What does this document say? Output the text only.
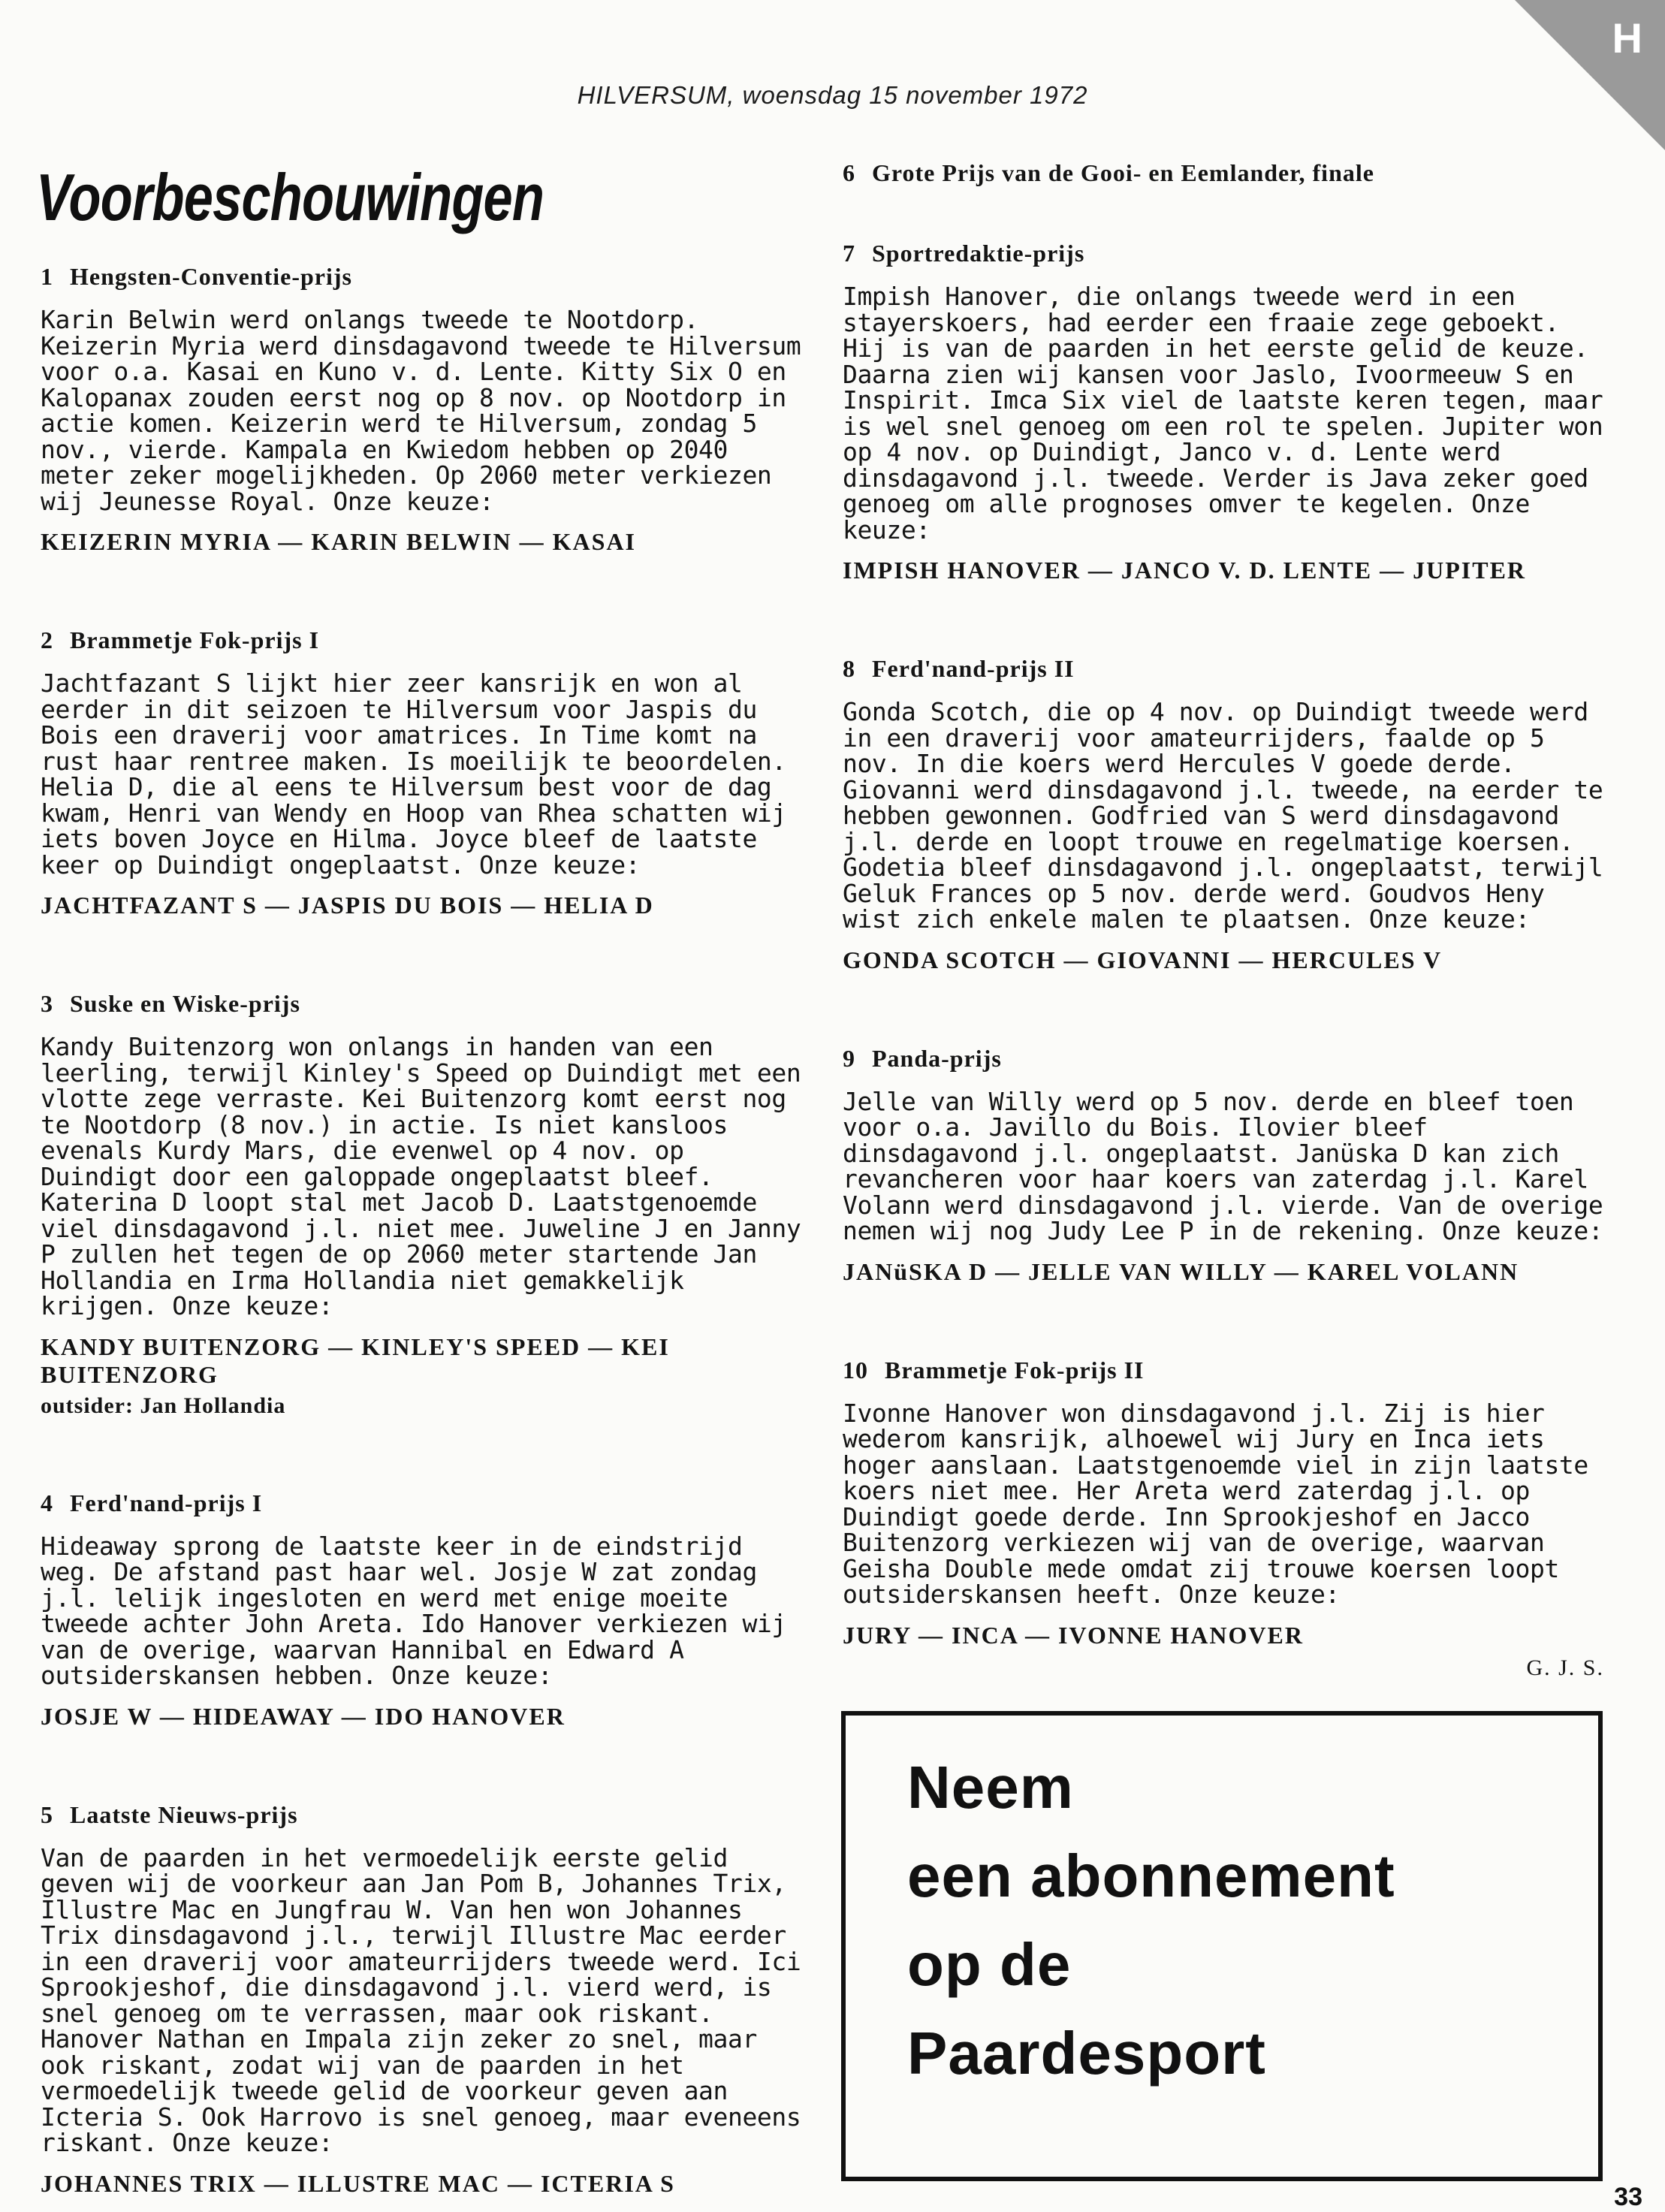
H
HILVERSUM, woensdag 15 november 1972
Voorbeschouwingen

1 Hengsten-Conventie-prijs

Karin Belwin werd onlangs tweede te Nootdorp. Keizerin Myria werd dinsdagavond tweede te Hilversum voor o.a. Kasai en Kuno v. d. Lente. Kitty Six O en Kalopanax zouden eerst nog op 8 nov. op Nootdorp in actie komen. Keizerin werd te Hilversum, zondag 5 nov., vierde. Kampala en Kwiedom hebben op 2040 meter zeker mogelijkheden. Op 2060 meter verkiezen wij Jeunesse Royal. Onze keuze:

KEIZERIN MYRIA — KARIN BELWIN — KASAI

2 Brammetje Fok-prijs I

Jachtfazant S lijkt hier zeer kansrijk en won al eerder in dit seizoen te Hilversum voor Jaspis du Bois een draverij voor amatrices. In Time komt na rust haar rentree maken. Is moeilijk te beoordelen. Helia D, die al eens te Hilversum best voor de dag kwam, Henri van Wendy en Hoop van Rhea schatten wij iets boven Joyce en Hilma. Joyce bleef de laatste keer op Duindigt ongeplaatst. Onze keuze:

JACHTFAZANT S — JASPIS DU BOIS — HELIA D

3 Suske en Wiske-prijs

Kandy Buitenzorg won onlangs in handen van een leerling, terwijl Kinley's Speed op Duindigt met een vlotte zege verraste. Kei Buitenzorg komt eerst nog te Nootdorp (8 nov.) in actie. Is niet kansloos evenals Kurdy Mars, die evenwel op 4 nov. op Duindigt door een galoppade ongeplaatst bleef. Katerina D loopt stal met Jacob D. Laatstgenoemde viel dinsdagavond j.l. niet mee. Juweline J en Janny P zullen het tegen de op 2060 meter startende Jan Hollandia en Irma Hollandia niet gemakkelijk krijgen. Onze keuze:

KANDY BUITENZORG — KINLEY'S SPEED — KEI BUITENZORG

outsider: Jan Hollandia

4 Ferd'nand-prijs I

Hideaway sprong de laatste keer in de eindstrijd weg. De afstand past haar wel. Josje W zat zondag j.l. lelijk ingesloten en werd met enige moeite tweede achter John Areta. Ido Hanover verkiezen wij van de overige, waarvan Hannibal en Edward A outsiderskansen hebben. Onze keuze:

JOSJE W — HIDEAWAY — IDO HANOVER

5 Laatste Nieuws-prijs

Van de paarden in het vermoedelijk eerste gelid geven wij de voorkeur aan Jan Pom B, Johannes Trix, Illustre Mac en Jungfrau W. Van hen won Johannes Trix dinsdagavond j.l., terwijl Illustre Mac eerder in een draverij voor amateurrijders tweede werd. Ici Sprookjeshof, die dinsdagavond j.l. vierd werd, is snel genoeg om te verrassen, maar ook riskant. Hanover Nathan en Impala zijn zeker zo snel, maar ook riskant, zodat wij van de paarden in het vermoedelijk tweede gelid de voorkeur geven aan Icteria S. Ook Harrovo is snel genoeg, maar eveneens riskant. Onze keuze:

JOHANNES TRIX — ILLUSTRE MAC — ICTERIA S

6 Grote Prijs van de Gooi- en Eemlander, finale

7 Sportredaktie-prijs

Impish Hanover, die onlangs tweede werd in een stayerskoers, had eerder een fraaie zege geboekt. Hij is van de paarden in het eerste gelid de keuze. Daarna zien wij kansen voor Jaslo, Ivoormeeuw S en Inspirit. Imca Six viel de laatste keren tegen, maar is wel snel genoeg om een rol te spelen. Jupiter won op 4 nov. op Duindigt, Janco v. d. Lente werd dinsdagavond j.l. tweede. Verder is Java zeker goed genoeg om alle prognoses omver te kegelen. Onze keuze:

IMPISH HANOVER — JANCO V. D. LENTE — JUPITER

8 Ferd'nand-prijs II

Gonda Scotch, die op 4 nov. op Duindigt tweede werd in een draverij voor amateurrijders, faalde op 5 nov. In die koers werd Hercules V goede derde. Giovanni werd dinsdagavond j.l. tweede, na eerder te hebben gewonnen. Godfried van S werd dinsdagavond j.l. derde en loopt trouwe en regelmatige koersen. Godetia bleef dinsdagavond j.l. ongeplaatst, terwijl Geluk Frances op 5 nov. derde werd. Goudvos Heny wist zich enkele malen te plaatsen. Onze keuze:

GONDA SCOTCH — GIOVANNI — HERCULES V

9 Panda-prijs

Jelle van Willy werd op 5 nov. derde en bleef toen voor o.a. Javillo du Bois. Ilovier bleef dinsdagavond j.l. ongeplaatst. Janüska D kan zich revancheren voor haar koers van zaterdag j.l. Karel Volann werd dinsdagavond j.l. vierde. Van de overige nemen wij nog Judy Lee P in de rekening. Onze keuze:

JANüSKA D — JELLE VAN WILLY — KAREL VOLANN

10 Brammetje Fok-prijs II

Ivonne Hanover won dinsdagavond j.l. Zij is hier wederom kansrijk, alhoewel wij Jury en Inca iets hoger aanslaan. Laatstgenoemde viel in zijn laatste koers niet mee. Her Areta werd zaterdag j.l. op Duindigt goede derde. Inn Sprookjeshof en Jacco Buitenzorg verkiezen wij van de overige, waarvan Geisha Double mede omdat zij trouwe koersen loopt outsiderskansen heeft. Onze keuze:

JURY — INCA — IVONNE HANOVER

G. J. S.

Neem
een abonnement
op de
Paardesport
33
